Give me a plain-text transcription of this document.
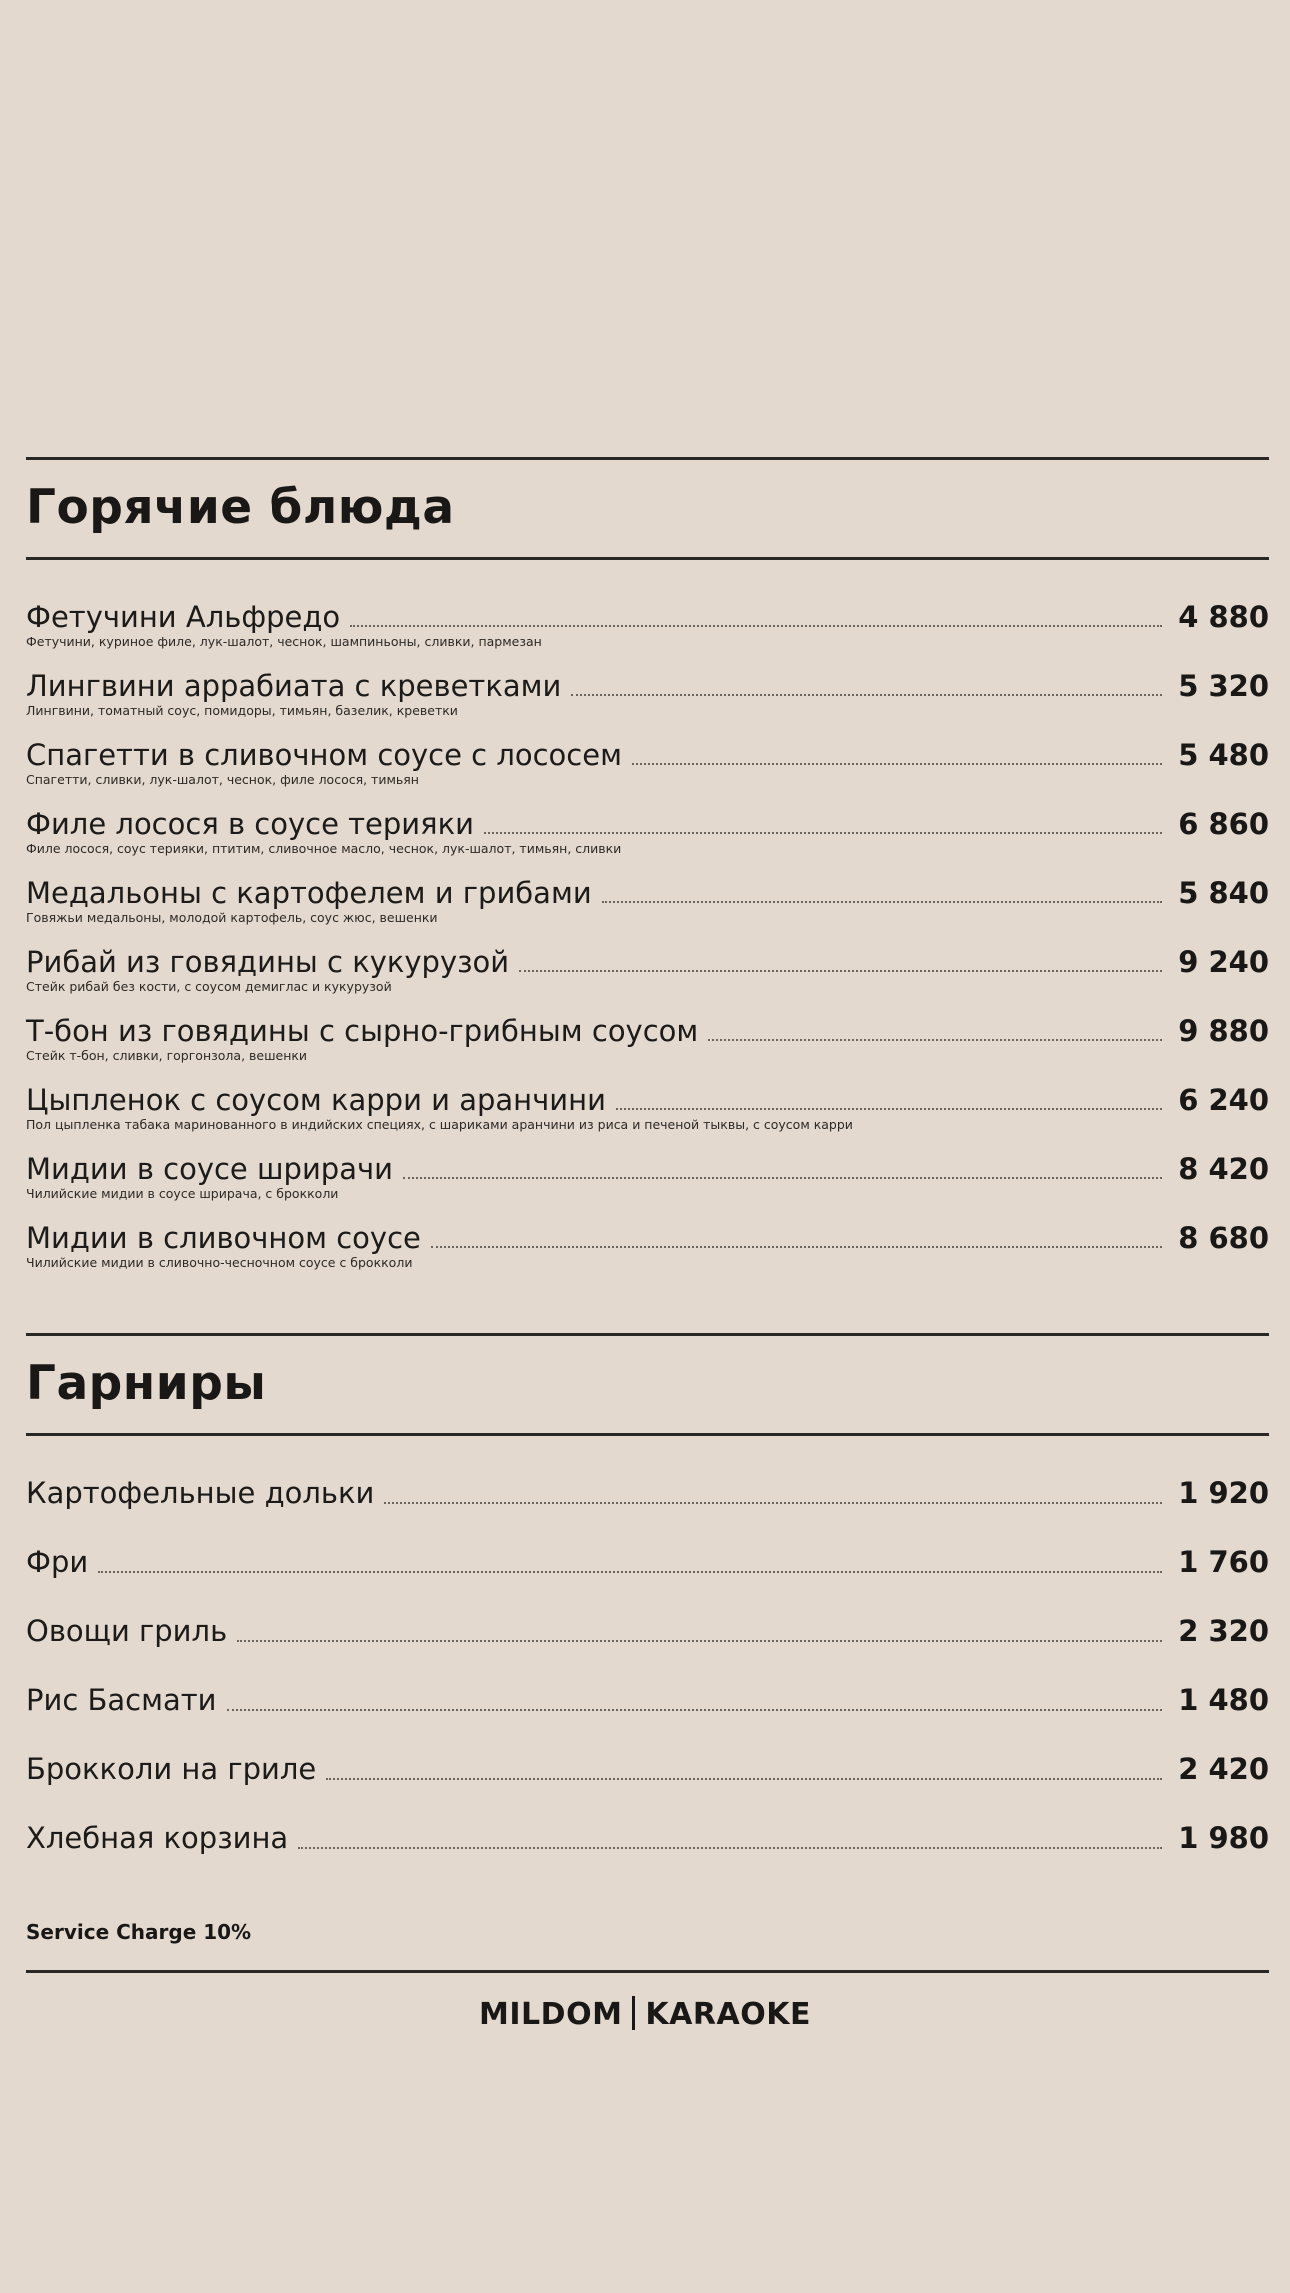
Горячие блюда
Фетучини Альфредо	4 880
Фетучини, куриное филе, лук-шалот, чеснок, шампиньоны, сливки, пармезан
Лингвини аррабиата с креветками	5 320
Лингвини, томатный соус, помидоры, тимьян, базелик, креветки
Спагетти в сливочном соусе с лососем	5 480
Спагетти, сливки, лук-шалот, чеснок, филе лосося, тимьян
Филе лосося в соусе терияки	6 860
Филе лосося, соус терияки, птитим, сливочное масло, чеснок, лук-шалот, тимьян, сливки
Медальоны с картофелем и грибами	5 840
Говяжьи медальоны, молодой картофель, соус жюс, вешенки
Рибай из говядины с кукурузой	9 240
Стейк рибай без кости, с соусом демиглас и кукурузой
Т-бон из говядины с сырно-грибным соусом	9 880
Стейк т-бон, сливки, горгонзола, вешенки
Цыпленок с соусом карри и аранчини	6 240
Пол цыпленка табака маринованного в индийских специях, с шариками аранчини из риса и печеной тыквы, с соусом карри
Мидии в соусе шрирачи	8 420
Чилийские мидии в соусе шрирача, с брокколи
Мидии в сливочном соусе	8 680
Чилийские мидии в сливочно-чесночном соусе с брокколи
Гарниры
Картофельные дольки	1 920
Фри	1 760
Овощи гриль	2 320
Рис Басмати	1 480
Брокколи на гриле	2 420
Хлебная корзина	1 980
Service Charge 10%
MILDOM KARAOKE
